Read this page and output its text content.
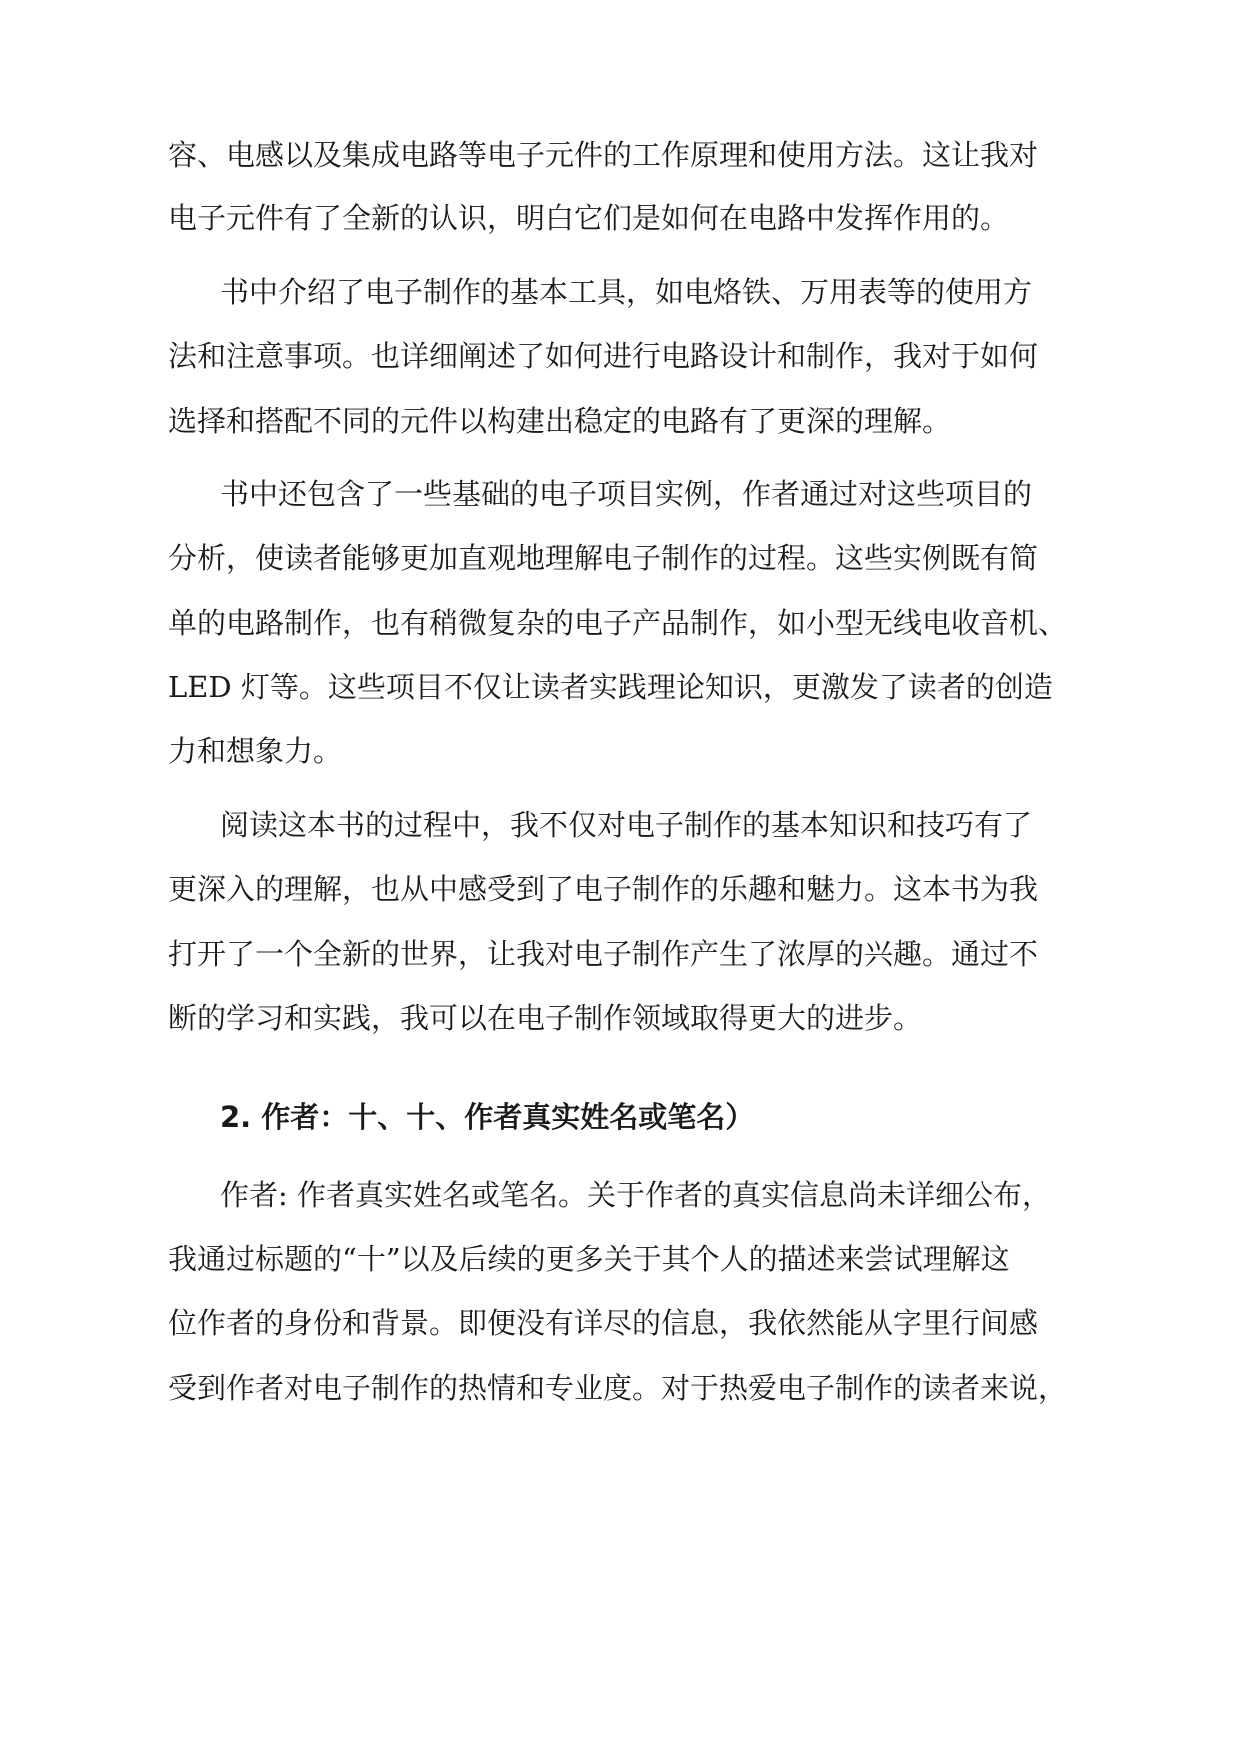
容、电感以及集成电路等电子元件的工作原理和使用方法。这让我对
电子元件有了全新的认识，明白它们是如何在电路中发挥作用的。
书中介绍了电子制作的基本工具，如电烙铁、万用表等的使用方
法和注意事项。也详细阐述了如何进行电路设计和制作，我对于如何
选择和搭配不同的元件以构建出稳定的电路有了更深的理解。
书中还包含了一些基础的电子项目实例，作者通过对这些项目的
分析，使读者能够更加直观地理解电子制作的过程。这些实例既有简
单的电路制作，也有稍微复杂的电子产品制作，如小型无线电收音机、
LED 灯等。这些项目不仅让读者实践理论知识，更激发了读者的创造
力和想象力。
阅读这本书的过程中，我不仅对电子制作的基本知识和技巧有了
更深入的理解，也从中感受到了电子制作的乐趣和魅力。这本书为我
打开了一个全新的世界，让我对电子制作产生了浓厚的兴趣。通过不
断的学习和实践，我可以在电子制作领域取得更大的进步。
2. 作者：十、十、作者真实姓名或笔名）
作者: 作者真实姓名或笔名。关于作者的真实信息尚未详细公布，
我通过标题的“十”以及后续的更多关于其个人的描述来尝试理解这
位作者的身份和背景。即便没有详尽的信息，我依然能从字里行间感
受到作者对电子制作的热情和专业度。对于热爱电子制作的读者来说，
